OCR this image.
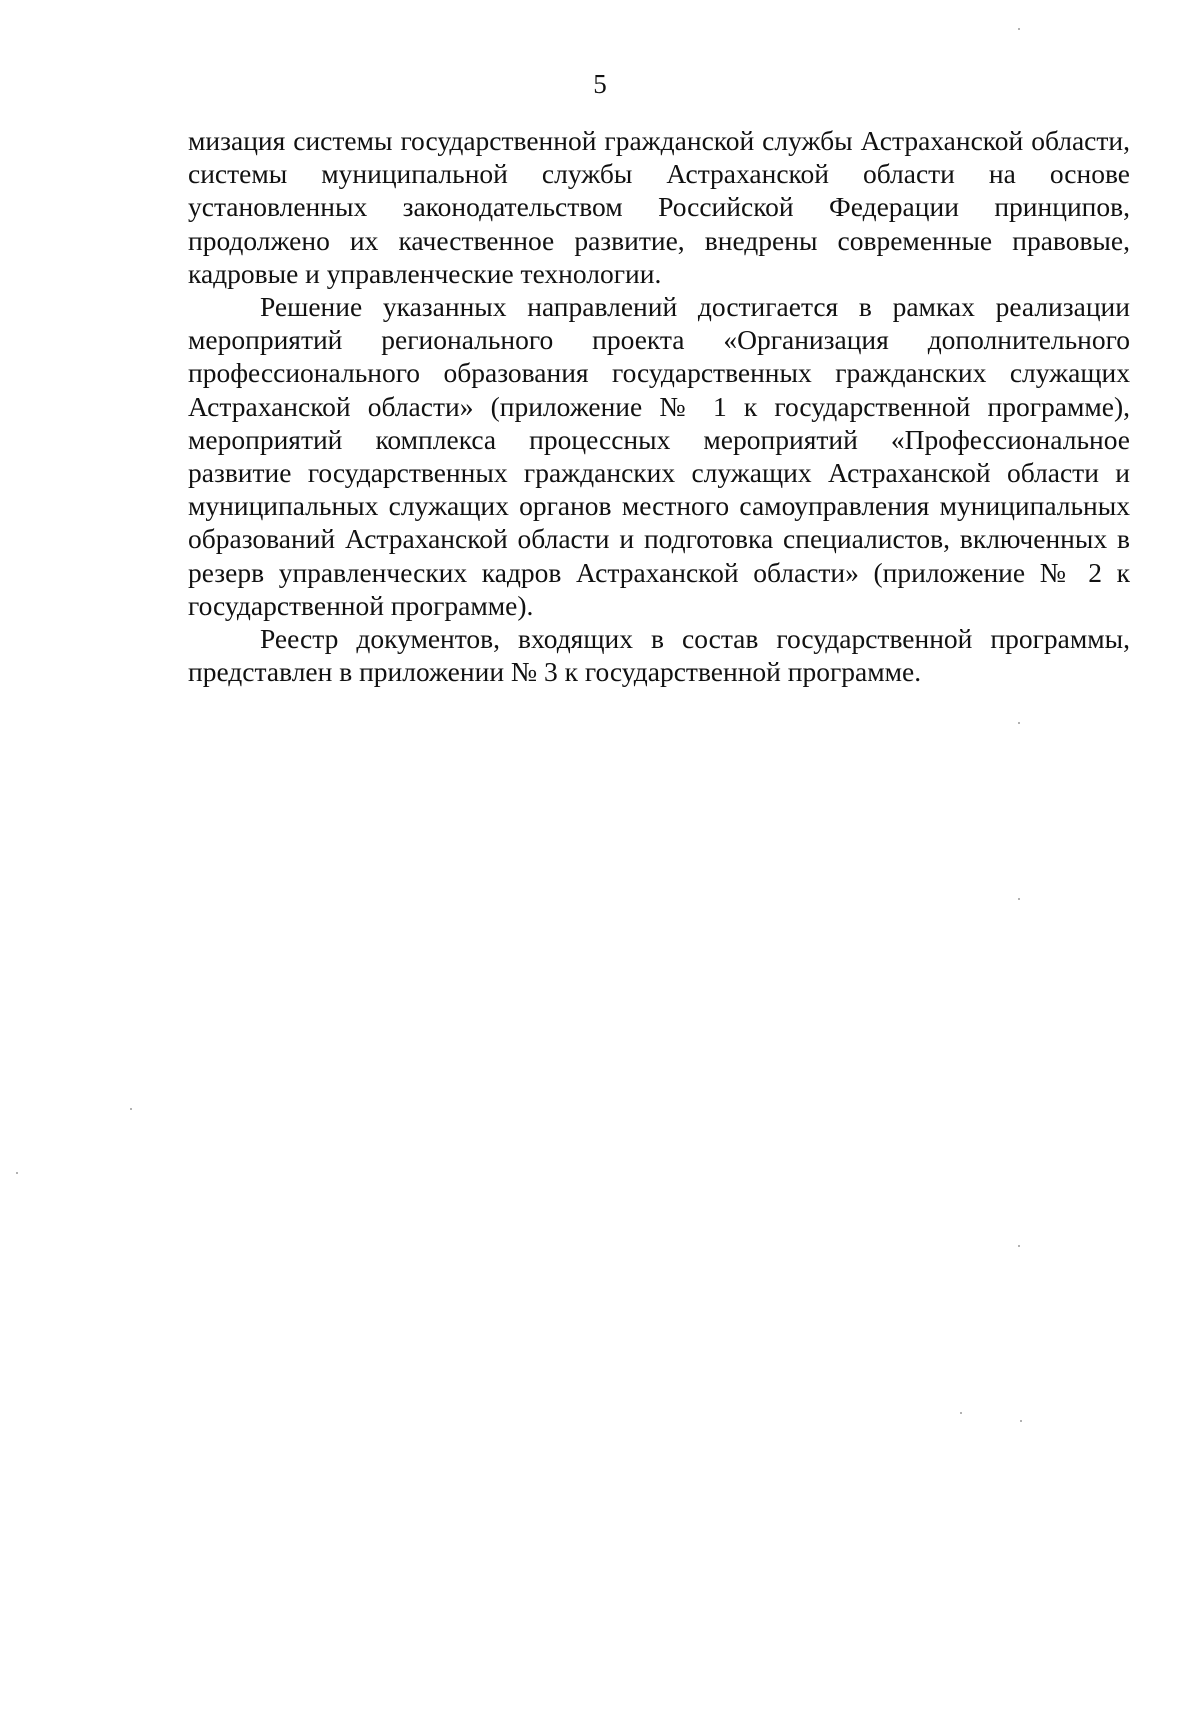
5

мизация системы государственной гражданской службы Астраханской области, системы муниципальной службы Астраханской области на основе установленных законодательством Российской Федерации принципов, продолжено их качественное развитие, внедрены современные правовые, кадровые и управленческие технологии.

Решение указанных направлений достигается в рамках реализации мероприятий регионального проекта «Организация дополнительного профессионального образования государственных гражданских служащих Астраханской области» (приложение № 1 к государственной программе), мероприятий комплекса процессных мероприятий «Профессиональное развитие государственных гражданских служащих Астраханской области и муниципальных служащих органов местного самоуправления муниципальных образований Астраханской области и подготовка специалистов, включенных в резерв управленческих кадров Астраханской области» (приложение № 2 к государственной программе).

Реестр документов, входящих в состав государственной программы, представлен в приложении № 3 к государственной программе.
